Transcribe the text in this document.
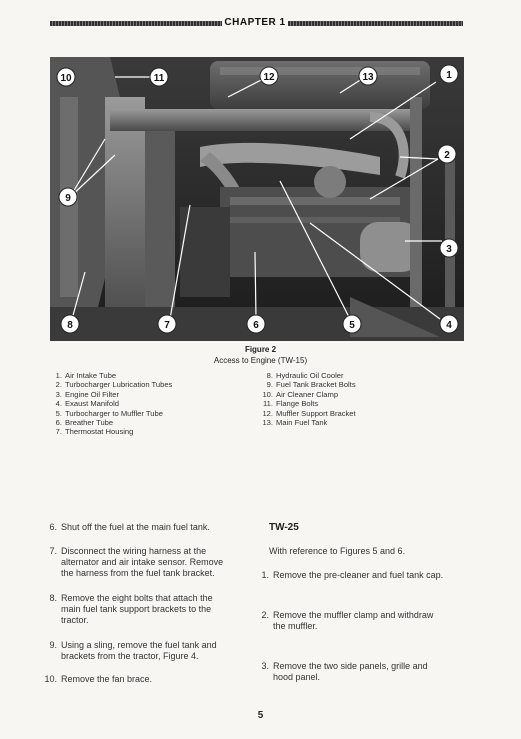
CHAPTER 1
1
2
3
4
5
6
7
8
9
10	11	12	13
Figure 2
Access to Engine (TW-15)
1. Air Intake Tube
2. Turbocharger Lubrication Tubes
3. Engine Oil Filter
4. Exaust Manifold
5. Turbocharger to Muffler Tube
6. Breather Tube
7. Thermostat Housing
8. Hydraulic Oil Cooler
9. Fuel Tank Bracket Bolts
10. Air Cleaner Clamp
11. Flange Bolts
12. Muffler Support Bracket
13. Main Fuel Tank
6. Shut off the fuel at the main fuel tank.
7. Disconnect the wiring harness at the
alternator and air intake sensor. Remove
the harness from the fuel tank bracket.
8. Remove the eight bolts that attach the
main fuel tank support brackets to the
tractor.
9. Using a sling, remove the fuel tank and
brackets from the tractor, Figure 4.
10. Remove the fan brace.
TW-25
With reference to Figures 5 and 6.
1. Remove the pre-cleaner and fuel tank cap.
2. Remove the muffler clamp and withdraw
the muffler.
3. Remove the two side panels, grille and
hood panel.
5
